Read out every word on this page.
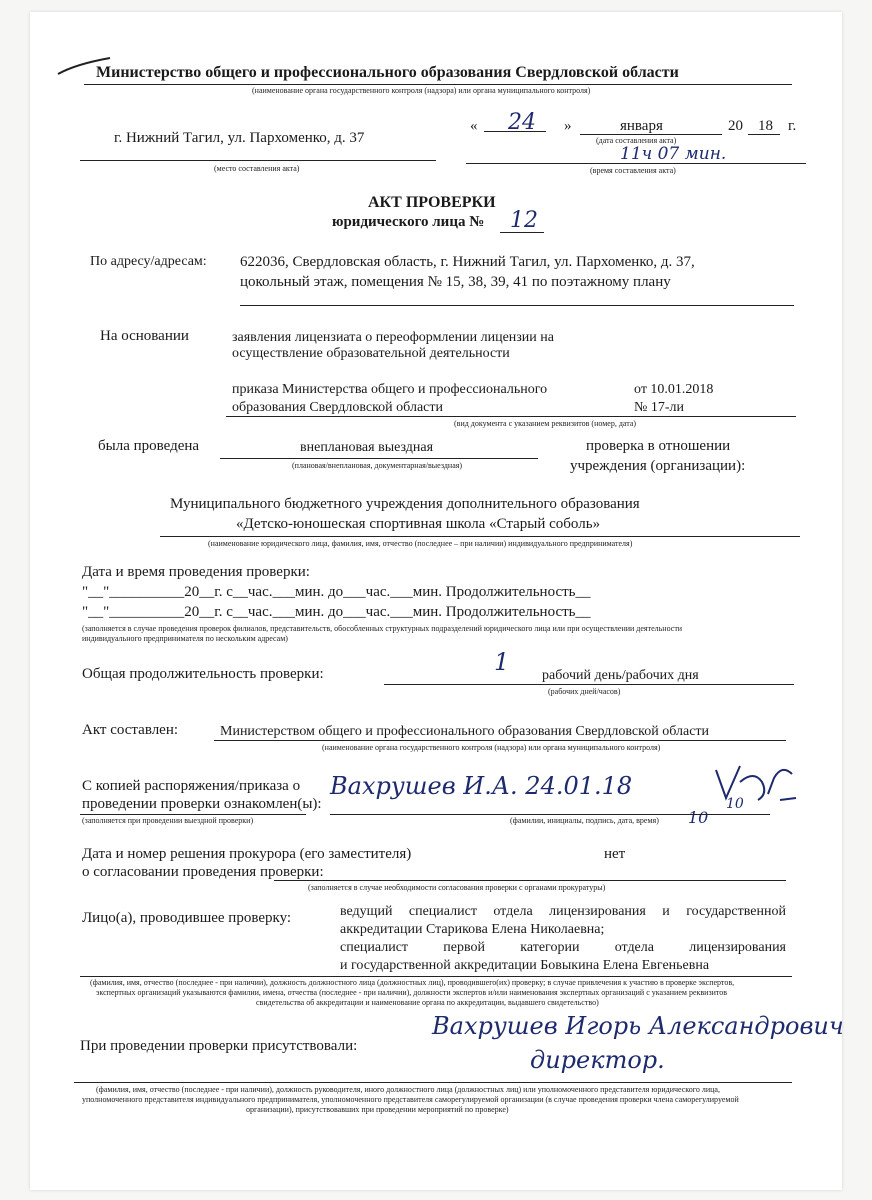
Министерство общего и профессионального образования Свердловской области
(наименование органа государственного контроля (надзора) или органа муниципального контроля)
г. Нижний Тагил, ул. Пархоменко, д. 37
(место составления акта)
« 24 »	января	20 18 г.
(дата составления акта)
11ч 07 мин.
(время составления акта)
АКТ ПРОВЕРКИ
юридического лица № 12
По адресу/адресам: 622036, Свердловская область, г. Нижний Тагил, ул. Пархоменко, д. 37,
цокольный этаж, помещения № 15, 38, 39, 41 по поэтажному плану
На основании	заявления лицензиата о переоформлении лицензии на
осуществление образовательной деятельности
приказа Министерства общего и профессионального
образования Свердловской области
от 10.01.2018
№ 17-ли
(вид документа с указанием реквизитов (номер, дата)
была проведена	внеплановая выездная
(плановая/внеплановая, документарная/выездная)
проверка в отношении
учреждения (организации):
Муниципального бюджетного учреждения дополнительного образования
«Детско-юношеская спортивная школа «Старый соболь»
(наименование юридического лица, фамилия, имя, отчество (последнее – при наличии) индивидуального предпринимателя)
Дата и время проведения проверки:
"__"__________20__г. с__час.___мин. до___час.___мин. Продолжительность__
"__"__________20__г. с__час.___мин. до___час.___мин. Продолжительность__
(заполняется в случае проведения проверок филиалов, представительств, обособленных структурных подразделений юридического лица или при осуществлении деятельности
индивидуального предпринимателя по нескольким адресам)
Общая продолжительность проверки:	1 рабочий день/рабочих дня
(рабочих дней/часов)
Акт составлен:	Министерством общего и профессионального образования Свердловской области
(наименование органа государственного контроля (надзора) или органа муниципального контроля)
С копией распоряжения/приказа о
проведении проверки ознакомлен(ы):
Вахрушев И.А. 24.01.18
10
10
(заполняется при проведении выездной проверки)	(фамилии, инициалы, подпись, дата, время)
Дата и номер решения прокурора (его заместителя)
о согласовании проведения проверки:
нет
(заполняется в случае необходимости согласования проверки с органами прокуратуры)
Лицо(а), проводившее проверку:	ведущий специалист отдела лицензирования и государственной
аккредитации Старикова Елена Николаевна;
специалист первой категории отдела лицензирования
и государственной аккредитации Бовыкина Елена Евгеньевна
(фамилия, имя, отчество (последнее - при наличии), должность должностного лица (должностных лиц), проводившего(их) проверку; в случае привлечения к участию в проверке экспертов,
экспертных организаций указываются фамилии, имена, отчества (последнее - при наличии), должности экспертов и/или наименования экспертных организаций с указанием реквизитов
свидетельства об аккредитации и наименование органа по аккредитации, выдавшего свидетельство)
При проведении проверки присутствовали:
Вахрушев Игорь Александрович
директор.
(фамилия, имя, отчество (последнее - при наличии), должность руководителя, иного должностного лица (должностных лиц) или уполномоченного представителя юридического лица,
уполномоченного представителя индивидуального предпринимателя, уполномоченного представителя саморегулируемой организации (в случае проведения проверки члена саморегулируемой
организации), присутствовавших при проведении мероприятий по проверке)
